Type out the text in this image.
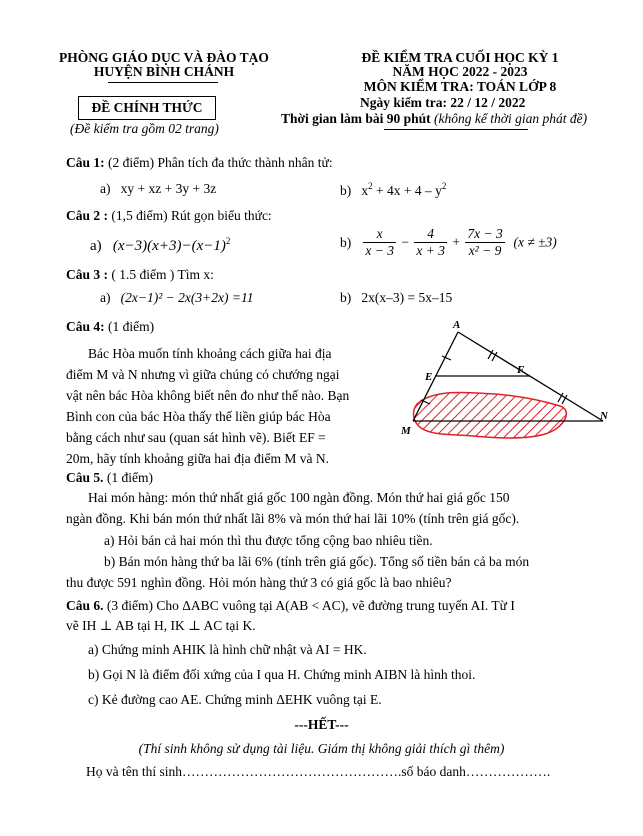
PHÒNG GIÁO DỤC VÀ ĐÀO TẠO
HUYỆN BÌNH CHÁNH
ĐỀ CHÍNH THỨC
(Đề kiểm tra gồm 02 trang)
ĐỀ KIỂM TRA CUỐI HỌC KỲ 1
NĂM HỌC 2022 - 2023
MÔN KIỂM TRA: TOÁN LỚP 8
Ngày kiểm tra: 22 / 12 / 2022
Thời gian làm bài 90 phút (không kể thời gian phát đề)
Câu 1: (2 điểm) Phân tích đa thức thành nhân tử:
a) xy + xz + 3y + 3z	b) $x^2 + 4x + 4 - y^2$
Câu 2 : (1,5 điểm) Rút gọn biểu thức:
a) $(x-3)(x+3)-(x-1)^2$	$b) \frac{x}{x - 3} - \frac{4}{x + 3} + \frac{7x - 3}{\text{x² − 9}} (x \ne \pm 3)$
Câu 3 : ( 1.5 điểm ) Tìm x:
a) (2x−1)² − 2x(3+2x) =11	b) 2x(x–3) = 5x–15
Câu 4: (1 điểm)
Bác Hòa muốn tính khoảng cách giữa hai địa
điểm M và N nhưng vì giữa chúng có chướng ngại
vật nên bác Hòa không biết nên đo như thế nào. Bạn
Bình con của bác Hòa thấy thế liền giúp bác Hòa
bằng cách như sau (quan sát hình vẽ). Biết EF =
20m, hãy tính khoảng giữa hai địa điểm M và N.
A
E
F
M
N
Câu 5. (1 điểm)
Hai món hàng: món thứ nhất giá gốc 100 ngàn đồng. Món thứ hai giá gốc 150
ngàn đồng. Khi bán món thứ nhất lãi 8% và món thứ hai lãi 10% (tính trên giá gốc).
a) Hỏi bán cả hai món thì thu được tổng cộng bao nhiêu tiền.
b) Bán món hàng thứ ba lãi 6% (tính trên giá gốc). Tổng số tiền bán cả ba món
thu được 591 nghìn đồng. Hỏi món hàng thứ 3 có giá gốc là bao nhiêu?
Câu 6. (3 điểm) Cho ΔABC vuông tại A(AB < AC), vẽ đường trung tuyến AI. Từ I
vẽ IH ⊥ AB tại H, IK ⊥ AC tại K.
a) Chứng minh AHIK là hình chữ nhật và AI = HK.
b) Gọi N là điểm đối xứng của I qua H. Chứng minh AIBN là hình thoi.
c) Kẻ đường cao AE. Chứng minh ΔEHK vuông tại E.
---HẾT---
(Thí sinh không sử dụng tài liệu. Giám thị không giải thích gì thêm)
Họ và tên thí sinh………………………………………….số báo danh……………….
